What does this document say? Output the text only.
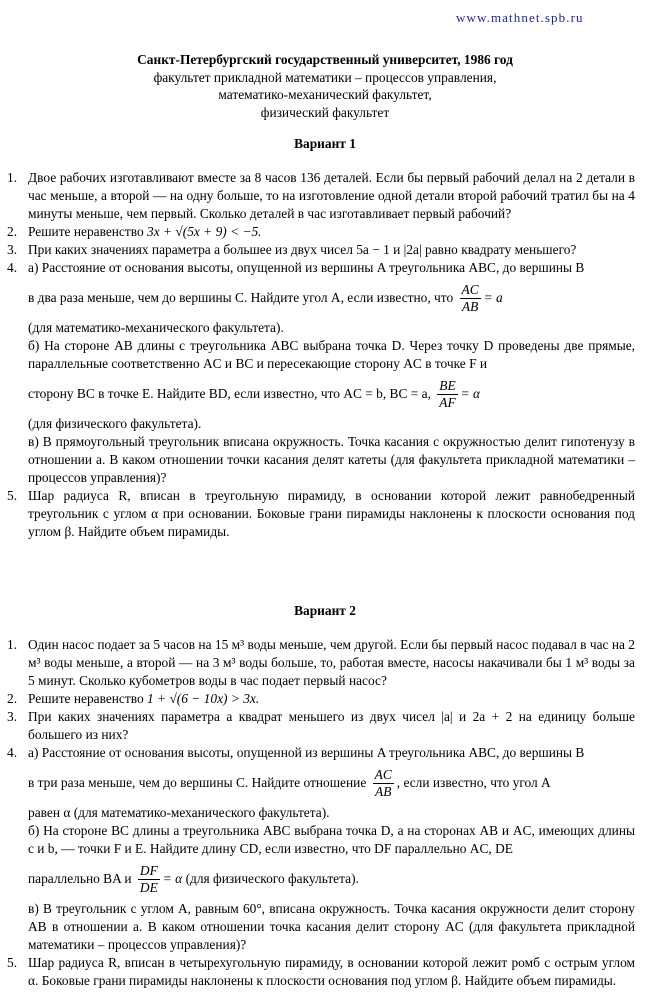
www.mathnet.spb.ru
Санкт-Петербургский государственный университет, 1986 год
факультет прикладной математики – процессов управления,
математико-механический факультет,
физический факультет
Вариант 1
1. Двое рабочих изготавливают вместе за 8 часов 136 деталей. Если бы первый рабочий делал на 2 детали в час меньше, а второй — на одну больше, то на изготовление одной детали второй рабочий тратил бы на 4 минуты меньше, чем первый. Сколько деталей в час изготавливает первый рабочий?
2. Решите неравенство 3x + √(5x + 9) < −5.
3. При каких значениях параметра a большее из двух чисел 5a − 1 и |2a| равно квадрату меньшего?
4. а) Расстояние от основания высоты, опущенной из вершины A треугольника ABC, до вершины B

в два раза меньше, чем до вершины C. Найдите угол A, если известно, что $\frac{AC}{AB} = a$

(для математико-механического факультета).

б) На стороне AB длины c треугольника ABC выбрана точка D. Через точку D проведены две прямые, параллельные соответственно AC и BC и пересекающие сторону AC в точке F и

сторону BC в точке E. Найдите BD, если известно, что AC = b, BC = a, $\frac{BE}{AF} = \alpha$

(для физического факультета).

в) В прямоугольный треугольник вписана окружность. Точка касания с окружностью делит гипотенузу в отношении a. В каком отношении точки касания делят катеты (для факультета прикладной математики – процессов управления)?

5. Шар радиуса R, вписан в треугольную пирамиду, в основании которой лежит равнобедренный треугольник с углом α при основании. Боковые грани пирамиды наклонены к плоскости основания под углом β. Найдите объем пирамиды.
Вариант 2
1. Один насос подает за 5 часов на 15 м³ воды меньше, чем другой. Если бы первый насос подавал в час на 2 м³ воды меньше, а второй — на 3 м³ воды больше, то, работая вместе, насосы накачивали бы 1 м³ воды за 5 минут. Сколько кубометров воды в час подает первый насос?
2. Решите неравенство 1 + √(6 − 10x) > 3x.
3. При каких значениях параметра a квадрат меньшего из двух чисел |a| и 2a + 2 на единицу больше большего из них?
4. а) Расстояние от основания высоты, опущенной из вершины A треугольника ABC, до вершины B

в три раза меньше, чем до вершины C. Найдите отношение $\frac{AC}{AB}$ , если известно, что угол A

равен α (для математико-механического факультета).

б) На стороне BC длины a треугольника ABC выбрана точка D, а на сторонах AB и AC, имеющих длины c и b, — точки F и E. Найдите длину CD, если известно, что DF параллельно AC, DE

параллельно BA и $\frac{DF}{DE} = \alpha$ (для физического факультета).

в) В треугольник с углом A, равным 60°, вписана окружность. Точка касания окружности делит сторону AB в отношении a. В каком отношении точка касания делит сторону AC (для факультета прикладной математики – процессов управления)?

5. Шар радиуса R, вписан в четырехугольную пирамиду, в основании которой лежит ромб с острым углом α. Боковые грани пирамиды наклонены к плоскости основания под углом β. Найдите объем пирамиды.
